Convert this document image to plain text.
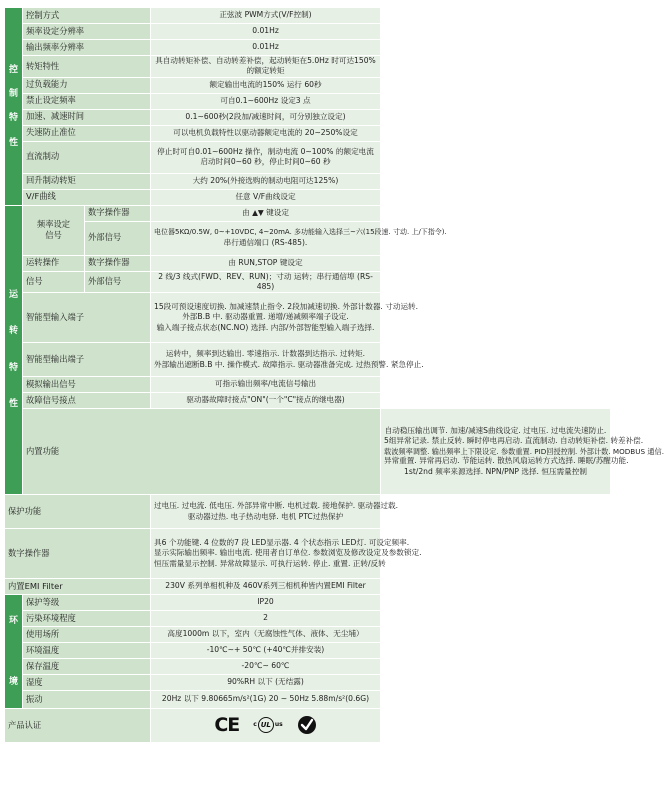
控

制

特

性	控制方式		正弦波 PWM方式(V/F控制)	
	频率设定分辨率		0.01Hz	
	输出频率分辨率		0.01Hz	
	转矩特性		具自动转矩补偿、自动转差补偿，起动转矩在5.0Hz 时可达150% 的额定转矩	
	过负载能力		额定输出电流的150% 运行 60秒	
	禁止设定频率		可自0.1~600Hz 设定3 点	
	加速、减速时间		0.1~600秒(2段加/减速时间，可分别独立设定)	
	失速防止准位		可以电机负载特性以驱动器额定电流的 20~250%设定	
	直流制动		停止时可自0.01~600Hz 操作，制动电流 0~100% 的额定电流
启动时间0~60 秒，停止时间0~60 秒	

	回升制动转矩		大约 20%(外接选购的制动电阻可达125%)	
	V/F曲线		任意 V/F曲线设定	

运

转

特

性	频率设定
信号	数字操作器	由 ▲▼ 键设定	
		外部信号	电位器5KΩ/0.5W, 0~+10VDC, 4~20mA. 多功能输入选择三~六(15段速. 寸动. 上/下指令).
串行通信端口 (RS-485).	

	运转操作	数字操作器	由 RUN,STOP 键设定	
	信号	外部信号	2 线/3 线式(FWD、REV、RUN)；寸动 运转；串行通信埠 (RS-485)	
	智能型输入端子		15段可预设速度切换. 加减速禁止指令. 2段加减速切换. 外部计数器. 寸动运转.
外部B.B 中. 驱动器重置. 递增/递减频率端子设定.
输入端子接点状态(NC.NO) 选择. 内部/外部智能型输入端子选择.	

	智能型输出端子		运转中，频率到达输出. 零速指示. 计数器到达指示. 过转矩.
外部输出遮断B.B 中. 操作模式. 故障指示. 驱动器准备完成. 过热预警. 紧急停止.	

	模拟输出信号		可指示输出频率/电流信号输出	
	故障信号接点		驱动器故障时接点"ON"(一个"C"接点的继电器)	
	内置功能			自动稳压输出调节. 加速/减速S曲线设定. 过电压. 过电流失速防止.
5组异常记录. 禁止反转. 瞬时停电再启动. 直流制动. 自动转矩补偿. 转差补偿.
载波频率调整. 输出频率上下限设定. 参数重置. PID回授控制. 外部计数. MODBUS 通信.
异常重置. 异常再启动. 节能运转. 散热风扇运转方式选择. 睡眠/苏醒功能.
1st/2nd 频率来源选择. NPN/PNP 选择. 恒压需量控制

保护功能			过电压. 过电流. 低电压. 外部异常中断. 电机过载. 接地保护. 驱动器过载.
驱动器过热. 电子热动电驿. 电机 PTC过热保护	

数字操作器			具6 个功能键. 4 位数的7 段 LED显示器. 4 个状态指示 LED灯. 可设定频率.
显示实际输出频率. 输出电流. 使用者自订单位. 参数浏览及修改设定及参数锁定.
恒压需量显示控制. 异常故障显示. 可执行运转. 停止. 重置. 正转/反转	

内置EMI Filter			230V 系列单相机种及 460V系列三相机种皆内置EMI Filter	

环

境	保护等级		IP20	
	污染环境程度		2	
	使用场所		高度1000m 以下，室内（无腐蚀性气体、液体、无尘埔）	
	环境温度		-10℃~+ 50℃ (+40℃并排安装)	
	保存温度		-20℃~ 60℃	
	湿度		90%RH 以下 (无结露)	
	振动		20Hz 以下 9.80665m/s²(1G) 20 ~ 50Hz 5.88m/s²(0.6G)	
产品认证			CE c UL us	
